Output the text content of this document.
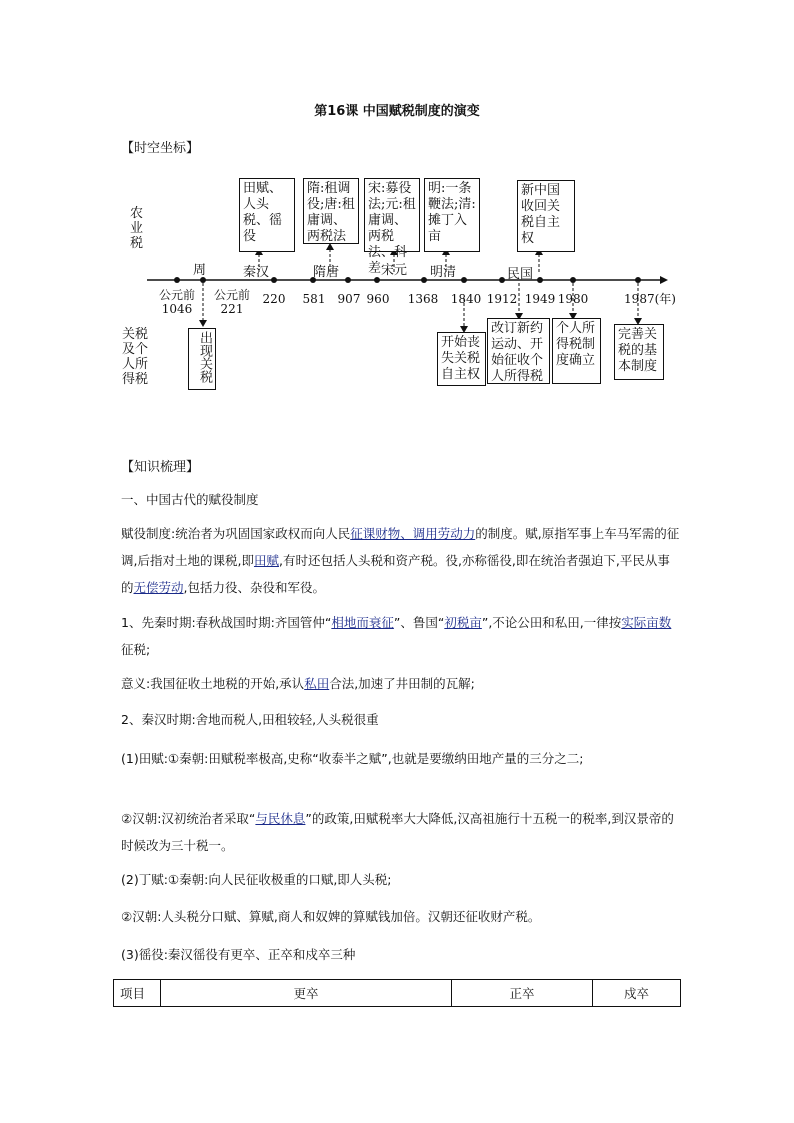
第16课 中国赋税制度的演变
【时空坐标】
农业税
关税及个人所得税
周	秦汉	隋唐	宋元 明清	民国
公元前1046
公元前221
220	581 907 960 1368 1840 1912 1949 1980	1987(年)
田赋、人头税、徭役
隋:租调役;唐:租庸调、两税法
宋:募役法;元:租庸调、两税法、科差
明:一条鞭法;清:摊丁入亩
新中国收回关税自主权
出现关税	开始丧失关税自主权
改订新约运动、开始征收个人所得税
个人所得税制度确立
完善关税的基本制度
【知识梳理】
一、中国古代的赋役制度
赋役制度:统治者为巩固国家政权而向人民征课财物、调用劳动力的制度。赋,原指军事上车马军需的征调,后指对土地的课税,即田赋,有时还包括人头税和资产税。役,亦称徭役,即在统治者强迫下,平民从事的无偿劳动,包括力役、杂役和军役。
1、先秦时期:春秋战国时期:齐国管仲“相地而衰征”、鲁国“初税亩”,不论公田和私田,一律按实际亩数征税;
意义:我国征收土地税的开始,承认私田合法,加速了井田制的瓦解;
2、秦汉时期:舍地而税人,田租较轻,人头税很重
(1)田赋:①秦朝:田赋税率极高,史称“收泰半之赋”,也就是要缴纳田地产量的三分之二;
②汉朝:汉初统治者采取“与民休息”的政策,田赋税率大大降低,汉高祖施行十五税一的税率,到汉景帝的时候改为三十税一。
(2)丁赋:①秦朝:向人民征收极重的口赋,即人头税;
②汉朝:人头税分口赋、算赋,商人和奴婢的算赋钱加倍。汉朝还征收财产税。
(3)徭役:秦汉徭役有更卒、正卒和戍卒三种
项目	更卒	正卒	戍卒
